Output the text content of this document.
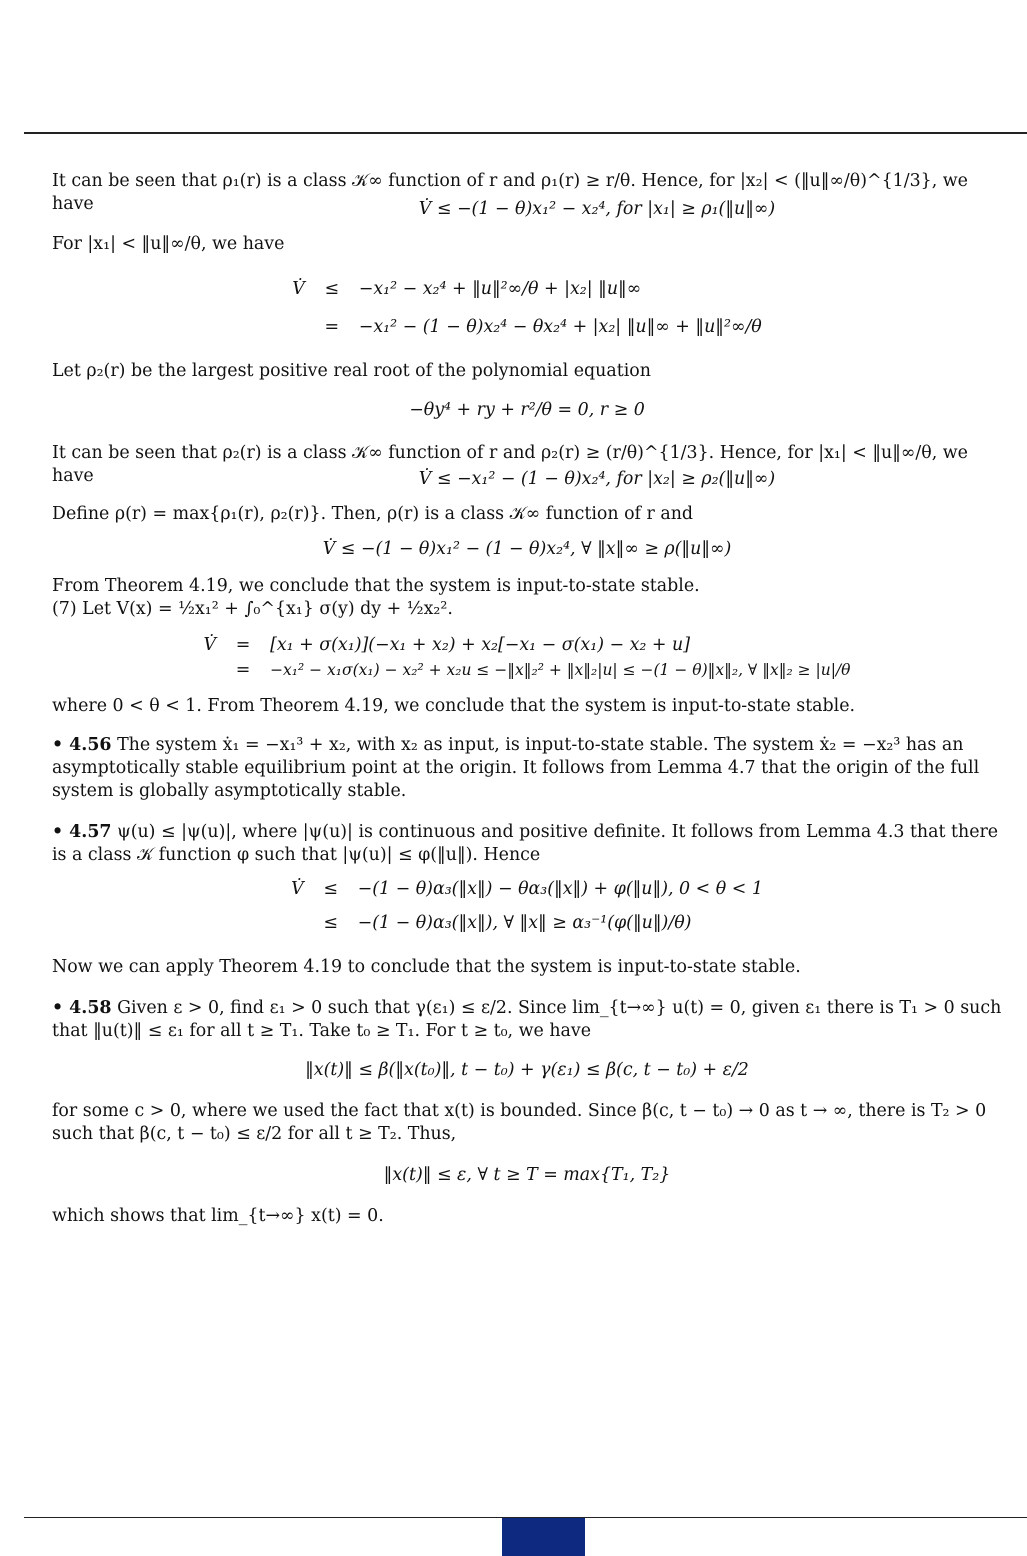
It can be seen that ρ₁(r) is a class 𝒦∞ function of r and ρ₁(r) ≥ r/θ. Hence, for |x₂| < (‖u‖∞/θ)^{1/3}, we have	V̇ ≤ −(1 − θ)x₁² − x₂⁴, for |x₁| ≥ ρ₁(‖u‖∞)

For |x₁| < ‖u‖∞/θ, we have

V̇	≤	−x₁² − x₂⁴ + ‖u‖²∞/θ + |x₂| ‖u‖∞
	=	−x₁² − (1 − θ)x₂⁴ − θx₂⁴ + |x₂| ‖u‖∞ + ‖u‖²∞/θ

Let ρ₂(r) be the largest positive real root of the polynomial equation

−θy⁴ + ry + r²/θ = 0, r ≥ 0

It can be seen that ρ₂(r) is a class 𝒦∞ function of r and ρ₂(r) ≥ (r/θ)^{1/3}. Hence, for |x₁| < ‖u‖∞/θ, we have	V̇ ≤ −x₁² − (1 − θ)x₂⁴, for |x₂| ≥ ρ₂(‖u‖∞)

Define ρ(r) = max{ρ₁(r), ρ₂(r)}. Then, ρ(r) is a class 𝒦∞ function of r and

V̇ ≤ −(1 − θ)x₁² − (1 − θ)x₂⁴, ∀ ‖x‖∞ ≥ ρ(‖u‖∞)

From Theorem 4.19, we conclude that the system is input-to-state stable.

(7) Let V(x) = ½x₁² + ∫₀^{x₁} σ(y) dy + ½x₂².

V̇	=	[x₁ + σ(x₁)](−x₁ + x₂) + x₂[−x₁ − σ(x₁) − x₂ + u]
	=	−x₁² − x₁σ(x₁) − x₂² + x₂u ≤ −‖x‖₂² + ‖x‖₂|u| ≤ −(1 − θ)‖x‖₂, ∀ ‖x‖₂ ≥ |u|/θ

where 0 < θ < 1. From Theorem 4.19, we conclude that the system is input-to-state stable.

• 4.56 The system ẋ₁ = −x₁³ + x₂, with x₂ as input, is input-to-state stable. The system ẋ₂ = −x₂³ has an asymptotically stable equilibrium point at the origin. It follows from Lemma 4.7 that the origin of the full system is globally asymptotically stable.

• 4.57 ψ(u) ≤ |ψ(u)|, where |ψ(u)| is continuous and positive definite. It follows from Lemma 4.3 that there is a class 𝒦 function φ such that |ψ(u)| ≤ φ(‖u‖). Hence

V̇	≤	−(1 − θ)α₃(‖x‖) − θα₃(‖x‖) + φ(‖u‖), 0 < θ < 1
	≤	−(1 − θ)α₃(‖x‖), ∀ ‖x‖ ≥ α₃⁻¹(φ(‖u‖)/θ)

Now we can apply Theorem 4.19 to conclude that the system is input-to-state stable.

• 4.58 Given ε > 0, find ε₁ > 0 such that γ(ε₁) ≤ ε/2. Since lim_{t→∞} u(t) = 0, given ε₁ there is T₁ > 0 such that ‖u(t)‖ ≤ ε₁ for all t ≥ T₁. Take t₀ ≥ T₁. For t ≥ t₀, we have

‖x(t)‖ ≤ β(‖x(t₀)‖, t − t₀) + γ(ε₁) ≤ β(c, t − t₀) + ε/2

for some c > 0, where we used the fact that x(t) is bounded. Since β(c, t − t₀) → 0 as t → ∞, there is T₂ > 0 such that β(c, t − t₀) ≤ ε/2 for all t ≥ T₂. Thus,

‖x(t)‖ ≤ ε, ∀ t ≥ T = max{T₁, T₂}

which shows that lim_{t→∞} x(t) = 0.
